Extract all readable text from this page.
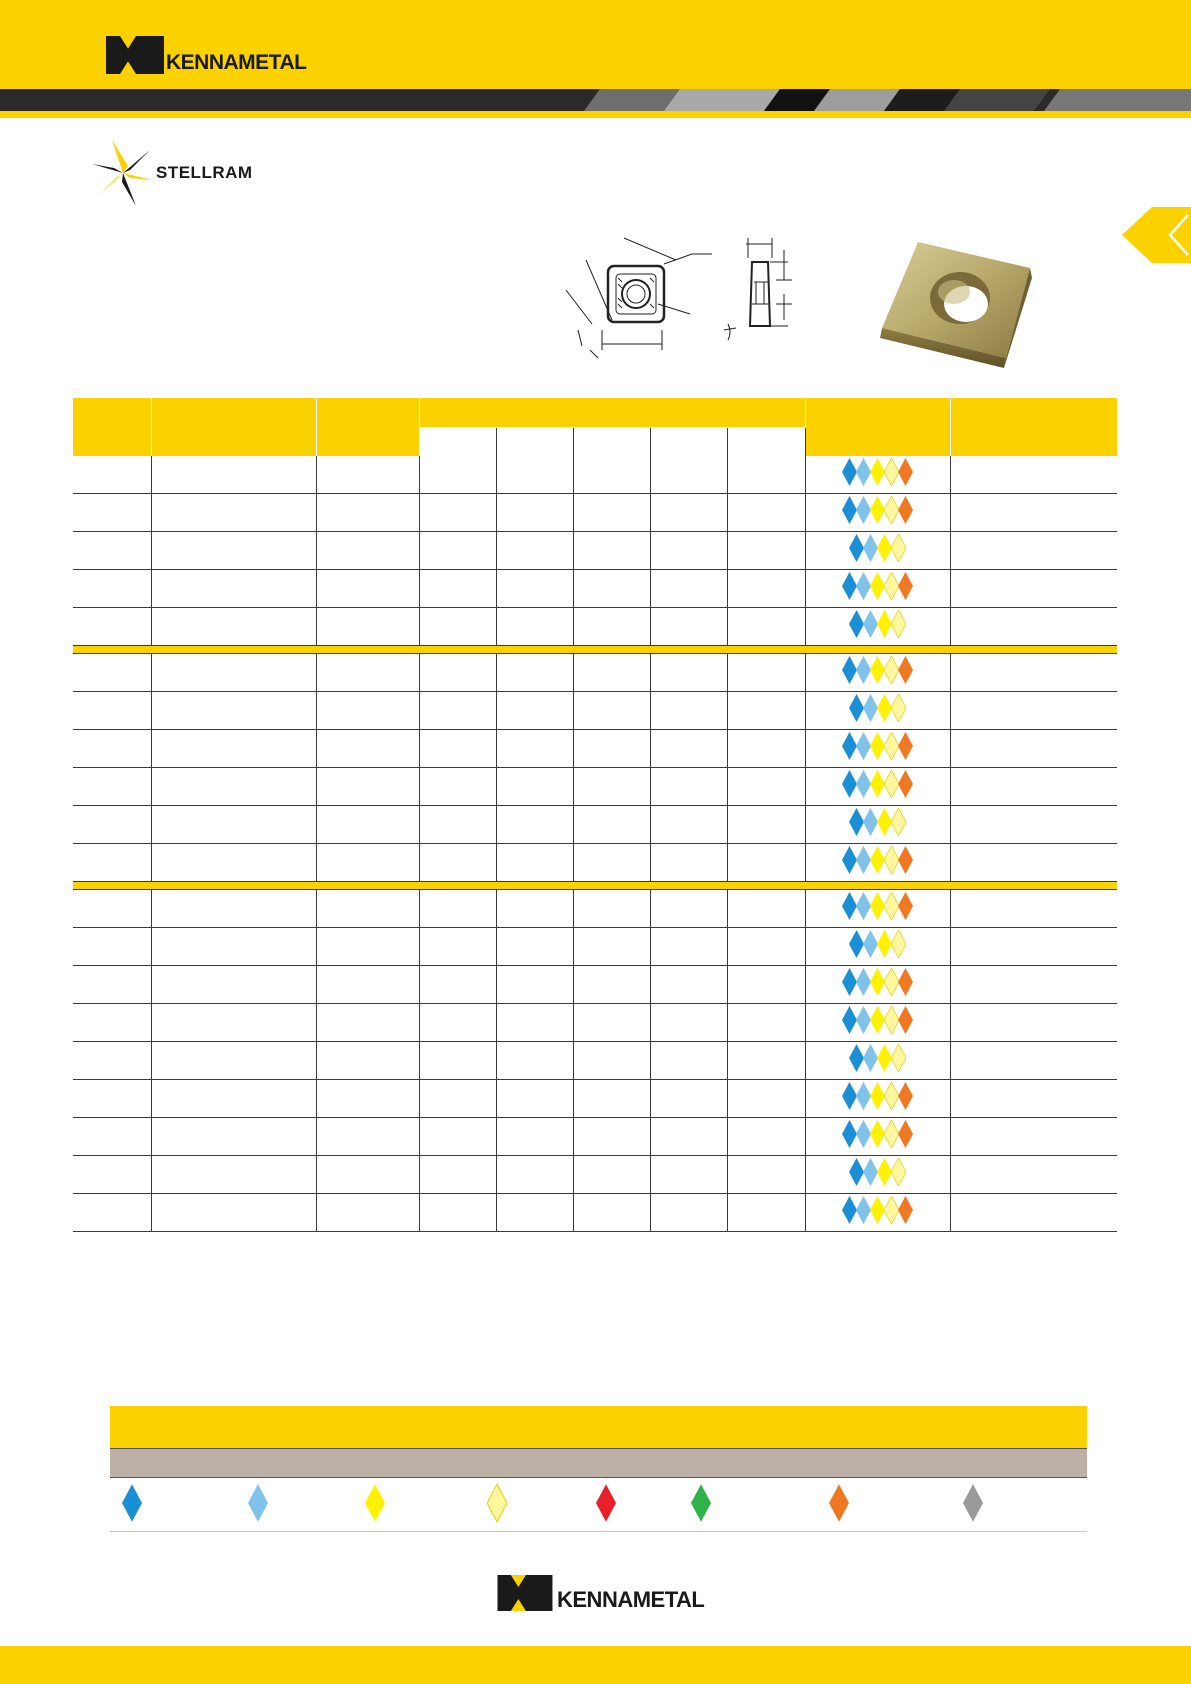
KENNAMETAL
STELLRAM

KENNAMETAL
